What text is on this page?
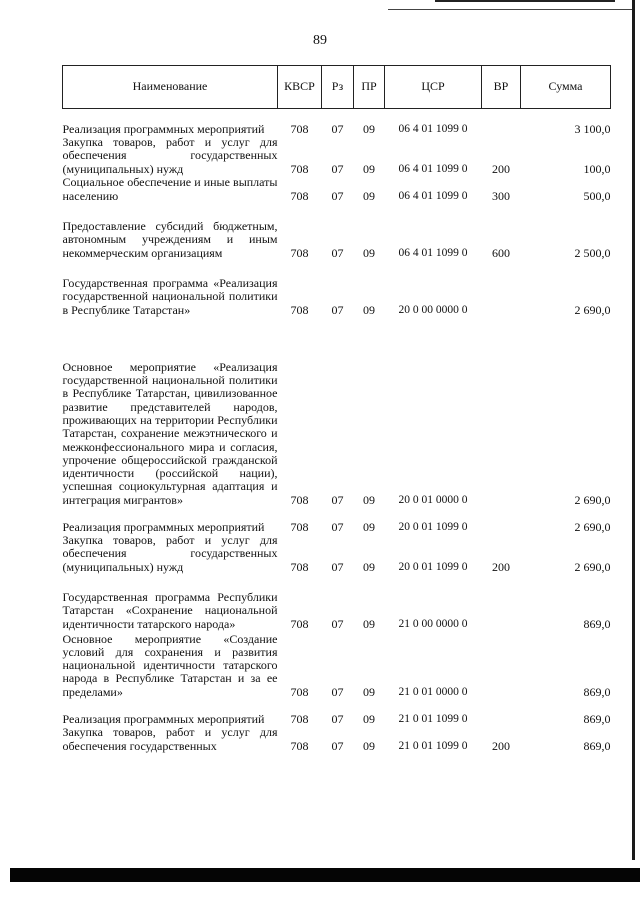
89
Наименование	КВСР	Рз	ПР	ЦСР	ВР	Сумма
Реализация программных мероприятий	708	07	09	06 4 01 1099 0		3 100,0
Закупка товаров, работ и услуг для обеспечения государственных (муниципальных) нужд	708	07	09	06 4 01 1099 0	200	100,0
Социальное обеспечение и иные выплаты населению	708	07	09	06 4 01 1099 0	300	500,0
Предоставление субсидий бюджетным, автономным учреждениям и иным некоммерческим организациям	708	07	09	06 4 01 1099 0	600	2 500,0
Государственная программа «Реализация государственной национальной политики в Республике Татарстан»	708	07	09	20 0 00 0000 0		2 690,0
Основное мероприятие «Реализация государственной национальной политики в Республике Татарстан, цивилизованное развитие представителей народов, проживающих на территории Республики Татарстан, сохранение межэтнического и межконфессионального мира и согласия, упрочение общероссийской гражданской идентичности (российской нации), успешная социокультурная адаптация и интеграция мигрантов»	708	07	09	20 0 01 0000 0		2 690,0
Реализация программных мероприятий	708	07	09	20 0 01 1099 0		2 690,0
Закупка товаров, работ и услуг для обеспечения государственных (муниципальных) нужд	708	07	09	20 0 01 1099 0	200	2 690,0
Государственная программа Республики Татарстан «Сохранение национальной идентичности татарского народа»	708	07	09	21 0 00 0000 0		869,0
Основное мероприятие «Создание условий для сохранения и развития национальной идентичности татарского народа в Республике Татарстан и за ее пределами»	708	07	09	21 0 01 0000 0		869,0
Реализация программных мероприятий	708	07	09	21 0 01 1099 0		869,0
Закупка товаров, работ и услуг для обеспечения государственных	708	07	09	21 0 01 1099 0	200	869,0
